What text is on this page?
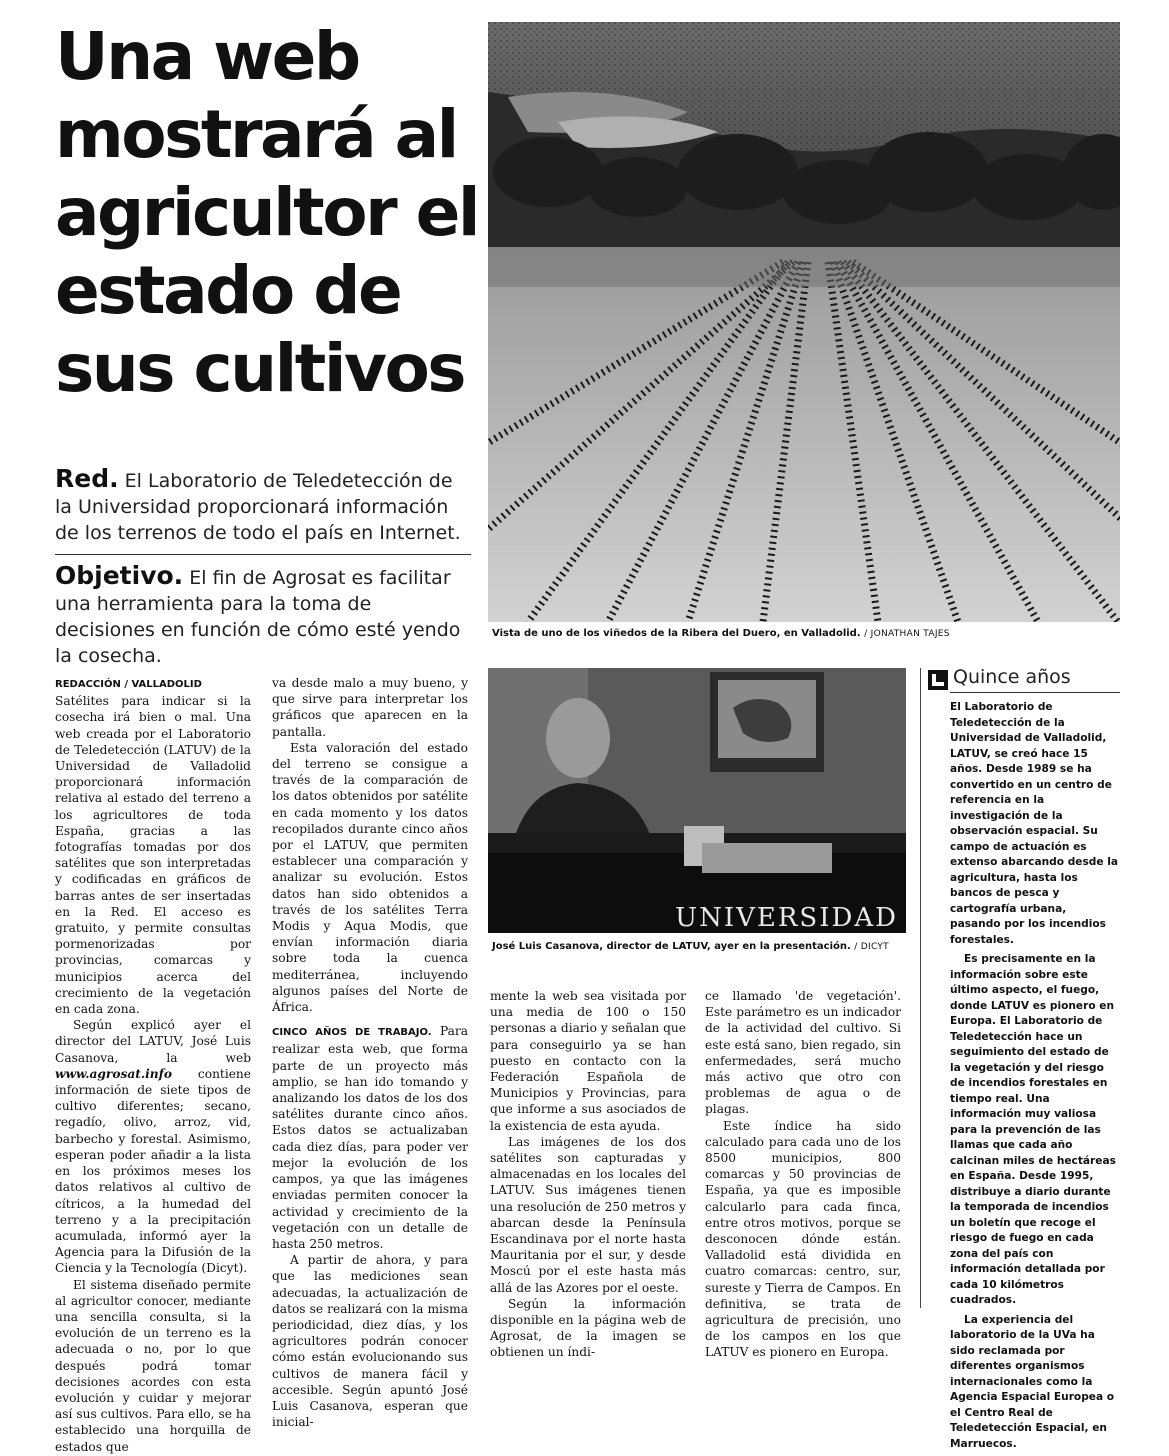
Una web mostrará al agricultor el estado de sus cultivos
Red. El Laboratorio de Teledetección de la Universidad proporcionará información de los terrenos de todo el país en Internet.
Objetivo. El fin de Agrosat es facilitar una herramienta para la toma de decisiones en función de cómo esté yendo la cosecha.
Vista de uno de los viñedos de la Ribera del Duero, en Valladolid. / JONATHAN TAJES
UNIVERSIDAD
José Luis Casanova, director de LATUV, ayer en la presentación. / DICYT

REDACCIÓN / VALLADOLID

Satélites para indicar si la cosecha irá bien o mal. Una web creada por el Laboratorio de Teledetección (LATUV) de la Universidad de Valladolid proporcionará información relativa al estado del terreno a los agricultores de toda España, gracias a las fotografías tomadas por dos satélites que son interpretadas y codificadas en gráficos de barras antes de ser insertadas en la Red. El acceso es gratuito, y permite consultas pormenorizadas por provincias, comarcas y municipios acerca del crecimiento de la vegetación en cada zona.

Según explicó ayer el director del LATUV, José Luis Casanova, la web www.agrosat.info contiene información de siete tipos de cultivo diferentes; secano, regadío, olivo, arroz, vid, barbecho y forestal. Asimismo, esperan poder añadir a la lista en los próximos meses los datos relativos al cultivo de cítricos, a la humedad del terreno y a la precipitación acumulada, informó ayer la Agencia para la Difusión de la Ciencia y la Tecnología (Dicyt).

El sistema diseñado permite al agricultor conocer, mediante una sencilla consulta, si la evolución de un terreno es la adecuada o no, por lo que después podrá tomar decisiones acordes con esta evolución y cuidar y mejorar así sus cultivos. Para ello, se ha establecido una horquilla de estados que

va desde malo a muy bueno, y que sirve para interpretar los gráficos que aparecen en la pantalla.

Esta valoración del estado del terreno se consigue a través de la comparación de los datos obtenidos por satélite en cada momento y los datos recopilados durante cinco años por el LATUV, que permiten establecer una comparación y analizar su evolución. Estos datos han sido obtenidos a través de los satélites Terra Modis y Aqua Modis, que envían información diaria sobre toda la cuenca mediterránea, incluyendo algunos países del Norte de África.

CINCO AÑOS DE TRABAJO. Para realizar esta web, que forma parte de un proyecto más amplio, se han ido tomando y analizando los datos de los dos satélites durante cinco años. Estos datos se actualizaban cada diez días, para poder ver mejor la evolución de los campos, ya que las imágenes enviadas permiten conocer la actividad y crecimiento de la vegetación con un detalle de hasta 250 metros.

A partir de ahora, y para que las mediciones sean adecuadas, la actualización de datos se realizará con la misma periodicidad, diez días, y los agricultores podrán conocer cómo están evolucionando sus cultivos de manera fácil y accesible. Según apuntó José Luis Casanova, esperan que inicial-

mente la web sea visitada por una media de 100 o 150 personas a diario y señalan que para conseguirlo ya se han puesto en contacto con la Federación Española de Municipios y Provincias, para que informe a sus asociados de la existencia de esta ayuda.

Las imágenes de los dos satélites son capturadas y almacenadas en los locales del LATUV. Sus imágenes tienen una resolución de 250 metros y abarcan desde la Península Escandinava por el norte hasta Mauritania por el sur, y desde Moscú por el este hasta más allá de las Azores por el oeste.

Según la información disponible en la página web de Agrosat, de la imagen se obtienen un índi-

ce llamado 'de vegetación'. Este parámetro es un indicador de la actividad del cultivo. Si este está sano, bien regado, sin enfermedades, será mucho más activo que otro con problemas de agua o de plagas.

Este índice ha sido calculado para cada uno de los 8500 municipios, 800 comarcas y 50 provincias de España, ya que es imposible calcularlo para cada finca, entre otros motivos, porque se desconocen dónde están. Valladolid está dividida en cuatro comarcas: centro, sur, sureste y Tierra de Campos. En definitiva, se trata de agricultura de precisión, uno de los campos en los que LATUV es pionero en Europa.

Quince años

El Laboratorio de Teledetección de la Universidad de Valladolid, LATUV, se creó hace 15 años. Desde 1989 se ha convertido en un centro de referencia en la investigación de la observación espacial. Su campo de actuación es extenso abarcando desde la agricultura, hasta los bancos de pesca y cartografía urbana, pasando por los incendios forestales.

Es precisamente en la información sobre este último aspecto, el fuego, donde LATUV es pionero en Europa. El Laboratorio de Teledetección hace un seguimiento del estado de la vegetación y del riesgo de incendios forestales en tiempo real. Una información muy valiosa para la prevención de las llamas que cada año calcinan miles de hectáreas en España. Desde 1995, distribuye a diario durante la temporada de incendios un boletín que recoge el riesgo de fuego en cada zona del país con información detallada por cada 10 kilómetros cuadrados.

La experiencia del laboratorio de la UVa ha sido reclamada por diferentes organismos internacionales como la Agencia Espacial Europea o el Centro Real de Teledetección Espacial, en Marruecos.
